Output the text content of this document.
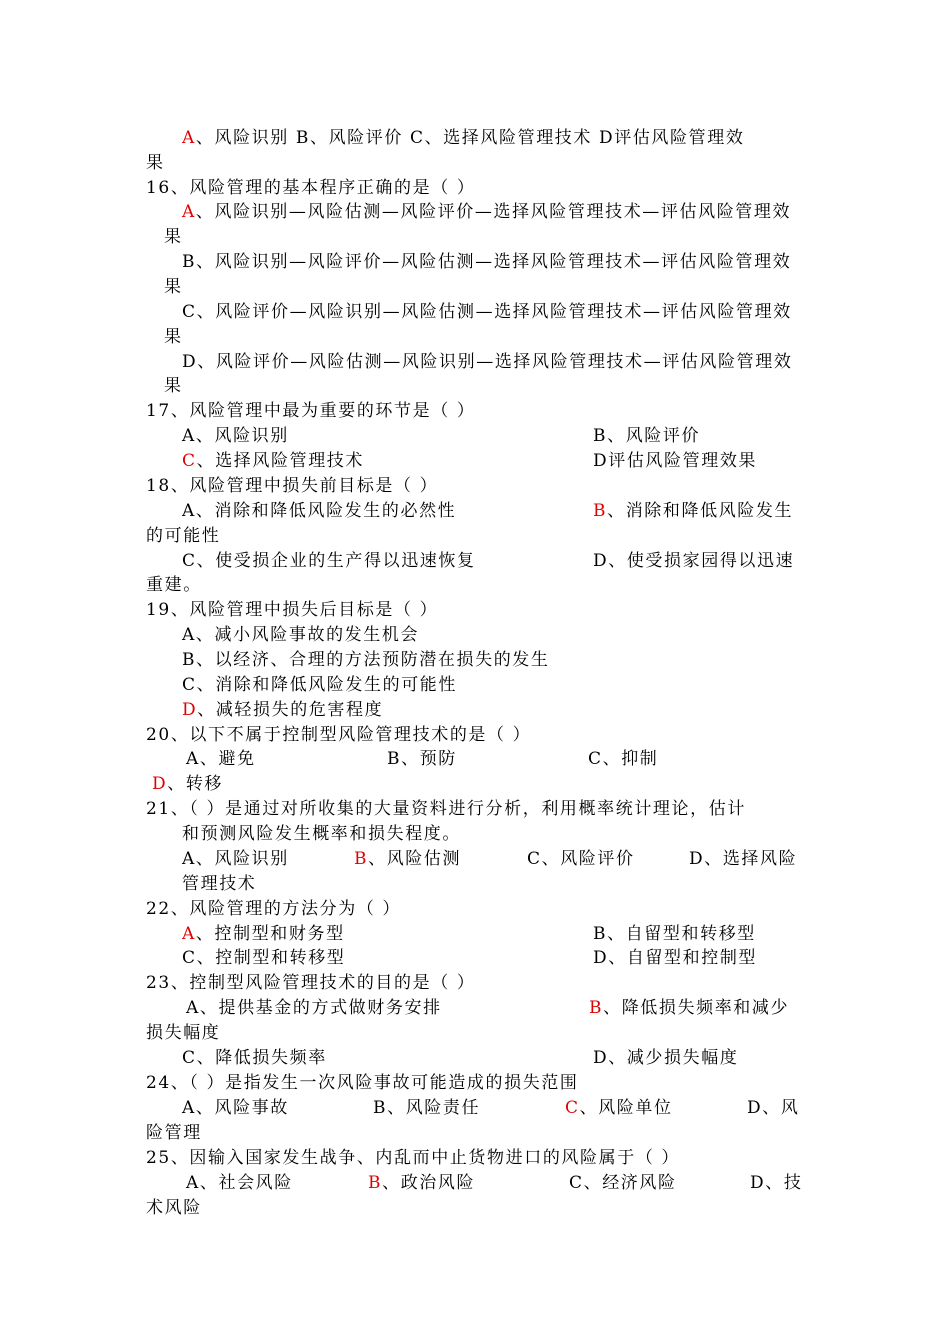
A、风险识别 B、风险评价 C、选择风险管理技术 D评估风险管理效
果
16、风险管理的基本程序正确的是（ ）
A、风险识别—风险估测—风险评价—选择风险管理技术—评估风险管理效
果
B、风险识别—风险评价—风险估测—选择风险管理技术—评估风险管理效
果
C、风险评价—风险识别—风险估测—选择风险管理技术—评估风险管理效
果
D、风险评价—风险估测—风险识别—选择风险管理技术—评估风险管理效
果
17、风险管理中最为重要的环节是（ ）
A、风险识别	B、风险评价
C、选择风险管理技术	D评估风险管理效果
18、风险管理中损失前目标是（ ）
A、消除和降低风险发生的必然性	B、消除和降低风险发生
的可能性
C、使受损企业的生产得以迅速恢复	D、使受损家园得以迅速
重建。
19、风险管理中损失后目标是（ ）
A、减小风险事故的发生机会
B、以经济、合理的方法预防潜在损失的发生
C、消除和降低风险发生的可能性
D、减轻损失的危害程度
20、以下不属于控制型风险管理技术的是（ ）
A、避免	B、预防	C、抑制
D、转移
21、（ ）是通过对所收集的大量资料进行分析，利用概率统计理论，估计
和预测风险发生概率和损失程度。
A、风险识别	B、风险估测	C、风险评价	D、选择风险
管理技术
22、风险管理的方法分为（ ）
A、控制型和财务型	B、自留型和转移型
C、控制型和转移型	D、自留型和控制型
23、控制型风险管理技术的目的是（ ）
A、提供基金的方式做财务安排	B、降低损失频率和减少
损失幅度
C、降低损失频率	D、减少损失幅度
24、（ ）是指发生一次风险事故可能造成的损失范围
A、风险事故	B、风险责任	C、风险单位	D、风
险管理
25、因输入国家发生战争、内乱而中止货物进口的风险属于（ ）
A、社会风险	B、政治风险	C、经济风险	D、技
术风险
